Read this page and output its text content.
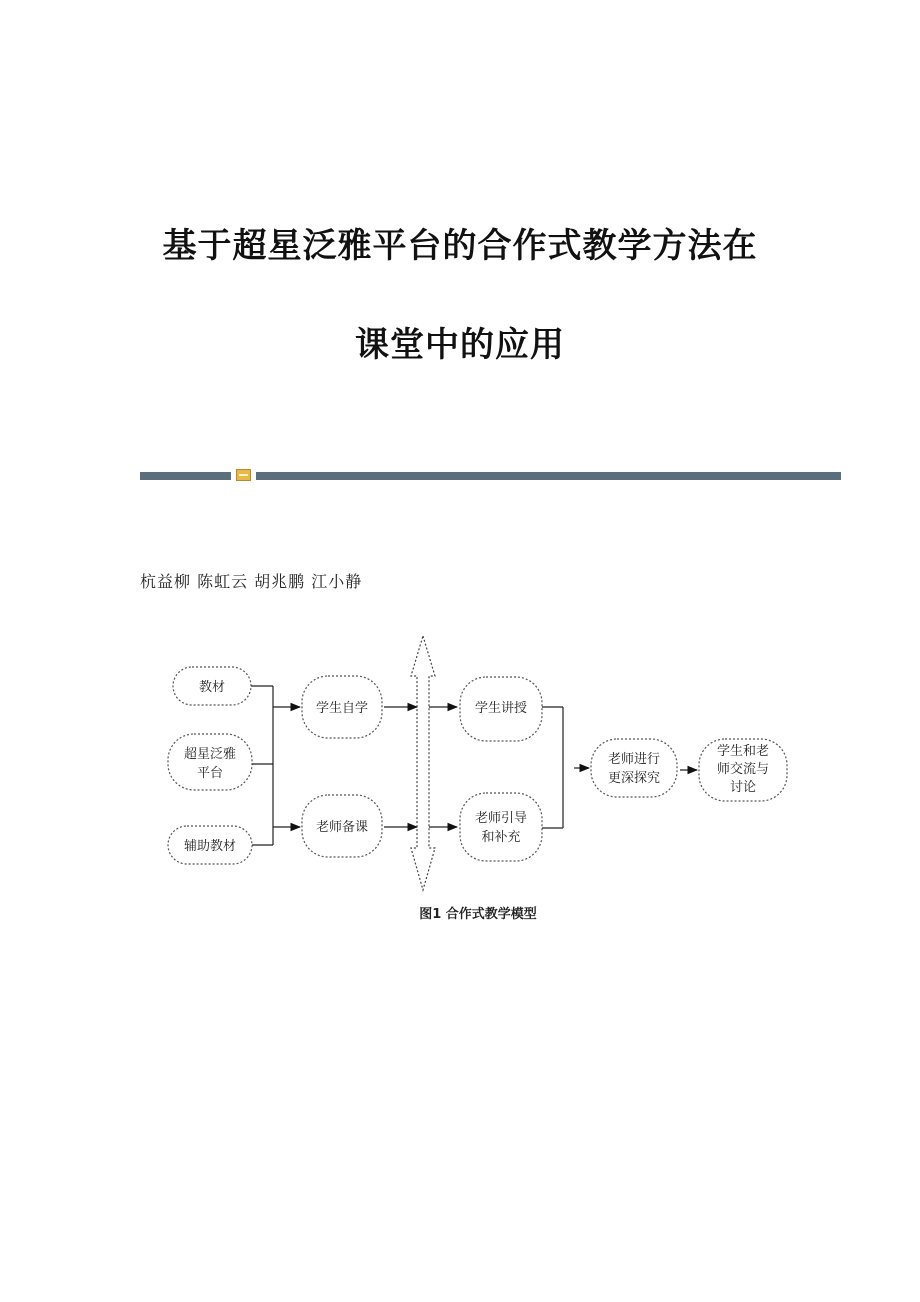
基于超星泛雅平台的合作式教学方法在
课堂中的应用
杭益柳 陈虹云 胡兆鹏 江小静
教材
超星泛雅
平台
辅助教材
学生自学
老师备课
学生讲授
老师引导
和补充
老师进行
更深探究
学生和老
师交流与
讨论
图1 合作式教学模型
